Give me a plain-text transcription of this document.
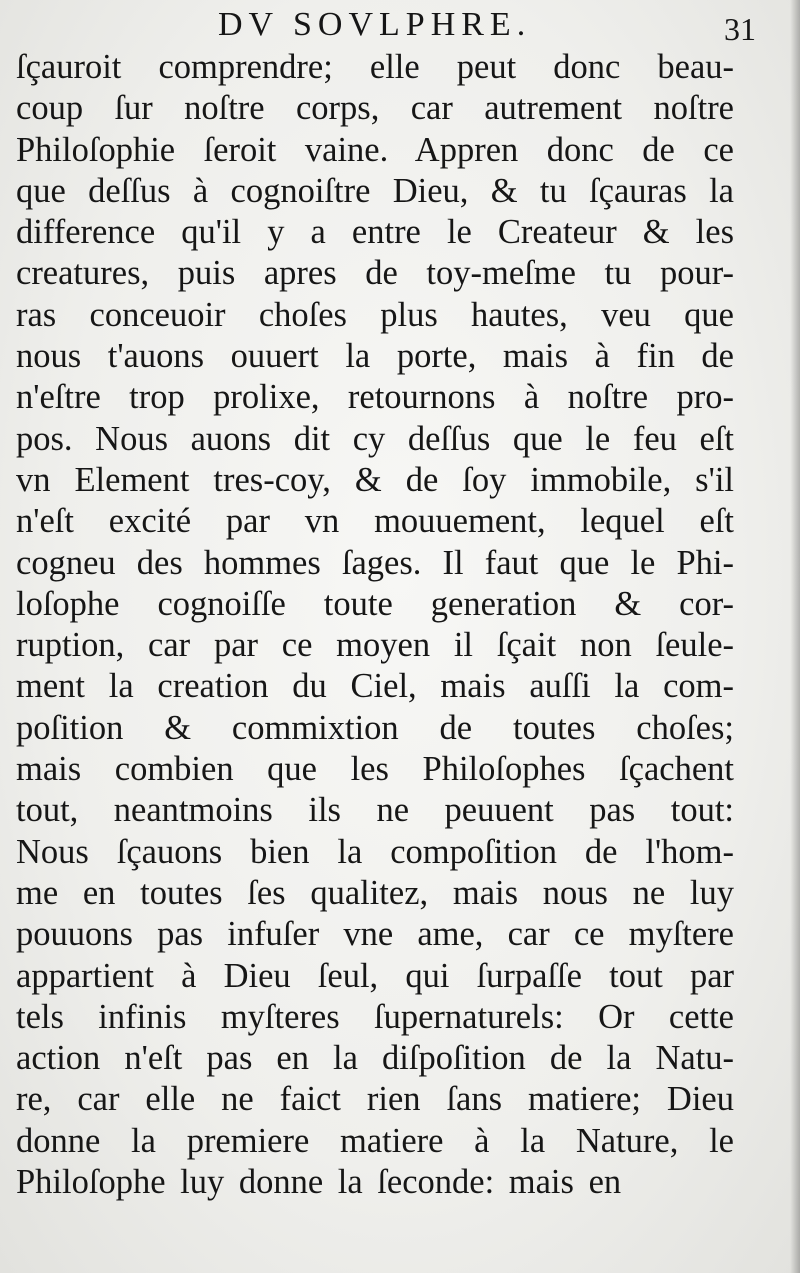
DV SOVLPHRE.	31
ſçauroit comprendre; elle peut donc beau-
coup ſur noſtre corps, car autrement noſtre
Philoſophie ſeroit vaine. Appren donc de ce
que deſſus à cognoiſtre Dieu, & tu ſçauras la
difference qu'il y a entre le Createur & les
creatures, puis apres de toy-meſme tu pour-
ras conceuoir choſes plus hautes, veu que
nous t'auons ouuert la porte, mais à fin de
n'eſtre trop prolixe, retournons à noſtre pro-
pos. Nous auons dit cy deſſus que le feu eſt
vn Element tres-coy, & de ſoy immobile, s'il
n'eſt excité par vn mouuement, lequel eſt
cogneu des hommes ſages. Il faut que le Phi-
loſophe cognoiſſe toute generation & cor-
ruption, car par ce moyen il ſçait non ſeule-
ment la creation du Ciel, mais auſſi la com-
poſition & commixtion de toutes choſes;
mais combien que les Philoſophes ſçachent
tout, neantmoins ils ne peuuent pas tout:
Nous ſçauons bien la compoſition de l'hom-
me en toutes ſes qualitez, mais nous ne luy
pouuons pas infuſer vne ame, car ce myſtere
appartient à Dieu ſeul, qui ſurpaſſe tout par
tels infinis myſteres ſupernaturels: Or cette
action n'eſt pas en la diſpoſition de la Natu-
re, car elle ne faict rien ſans matiere; Dieu
donne la premiere matiere à la Nature, le
Philoſophe luy donne la ſeconde: mais en
